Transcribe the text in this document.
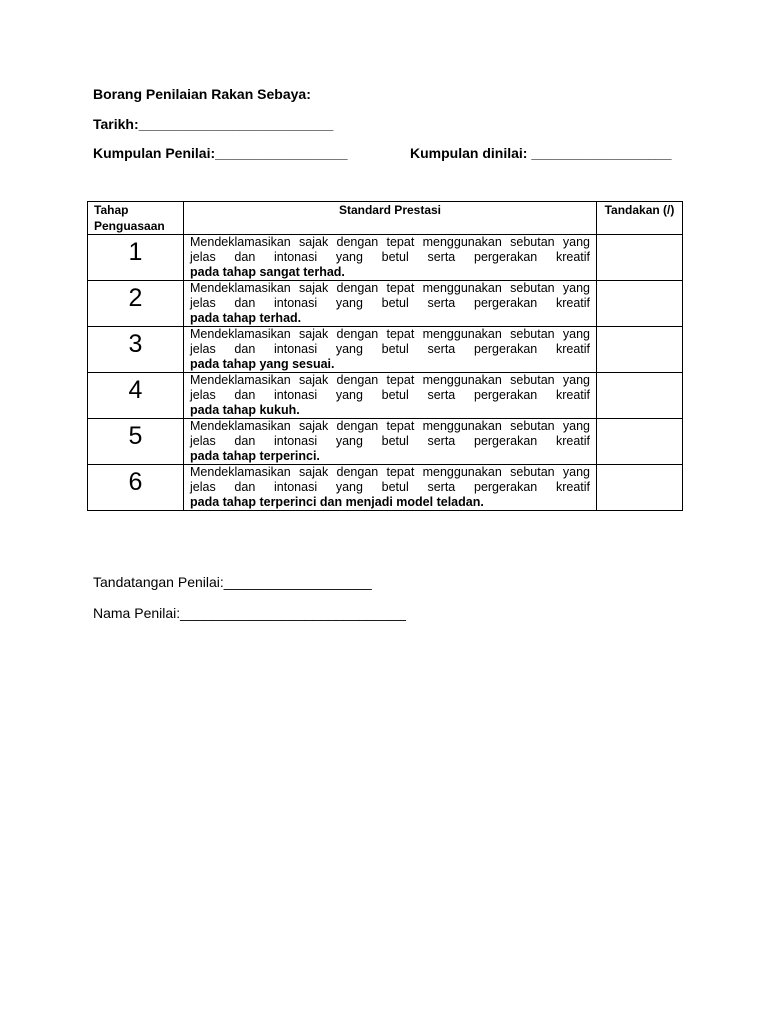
Borang Penilaian Rakan Sebaya:
Tarikh:_________________________
Kumpulan Penilai:_________________	Kumpulan dinilai: __________________
Tahap Penguasaan	Standard Prestasi	Tandakan (/)
1	Mendeklamasikan sajak dengan tepat menggunakan sebutan yang jelas dan intonasi yang betul serta pergerakan kreatif
pada tahap sangat terhad.	

2	Mendeklamasikan sajak dengan tepat menggunakan sebutan yang jelas dan intonasi yang betul serta pergerakan kreatif
pada tahap terhad.	

3	Mendeklamasikan sajak dengan tepat menggunakan sebutan yang jelas dan intonasi yang betul serta pergerakan kreatif
pada tahap yang sesuai.	

4	Mendeklamasikan sajak dengan tepat menggunakan sebutan yang jelas dan intonasi yang betul serta pergerakan kreatif
pada tahap kukuh.	

5	Mendeklamasikan sajak dengan tepat menggunakan sebutan yang jelas dan intonasi yang betul serta pergerakan kreatif
pada tahap terperinci.	

6	Mendeklamasikan sajak dengan tepat menggunakan sebutan yang jelas dan intonasi yang betul serta pergerakan kreatif
pada tahap terperinci dan menjadi model teladan.	

Tandatangan Penilai:___________________
Nama Penilai:_____________________________
